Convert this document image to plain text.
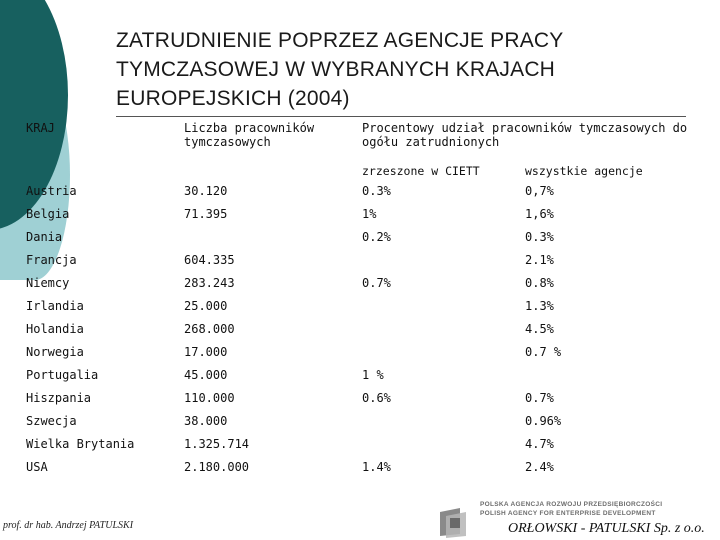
ZATRUDNIENIE POPRZEZ AGENCJE PRACY
TYMCZASOWEJ W WYBRANYCH KRAJACH
EUROPEJSKICH (2004)
KRAJ	Liczba pracowników tymczasowych	Procentowy udział pracowników tymczasowych do ogółu zatrudnionych	
		zrzeszone w CIETT	wszystkie agencje
Austria	30.120	0.3%	0,7%
Belgia	71.395	1%	1,6%
Dania		0.2%	0.3%
Francja	604.335		2.1%
Niemcy	283.243	0.7%	0.8%
Irlandia	25.000		1.3%
Holandia	268.000		4.5%
Norwegia	17.000		0.7 %
Portugalia	45.000	1 %	
Hiszpania	110.000	0.6%	0.7%
Szwecja	38.000		0.96%
Wielka Brytania	1.325.714		4.7%
USA	2.180.000	1.4%	2.4%
prof. dr hab. Andrzej PATULSKI
POLSKA AGENCJA ROZWOJU PRZEDSIĘBIORCZOŚCI
POLISH AGENCY FOR ENTERPRISE DEVELOPMENT
ORŁOWSKI - PATULSKI Sp. z o.o.
